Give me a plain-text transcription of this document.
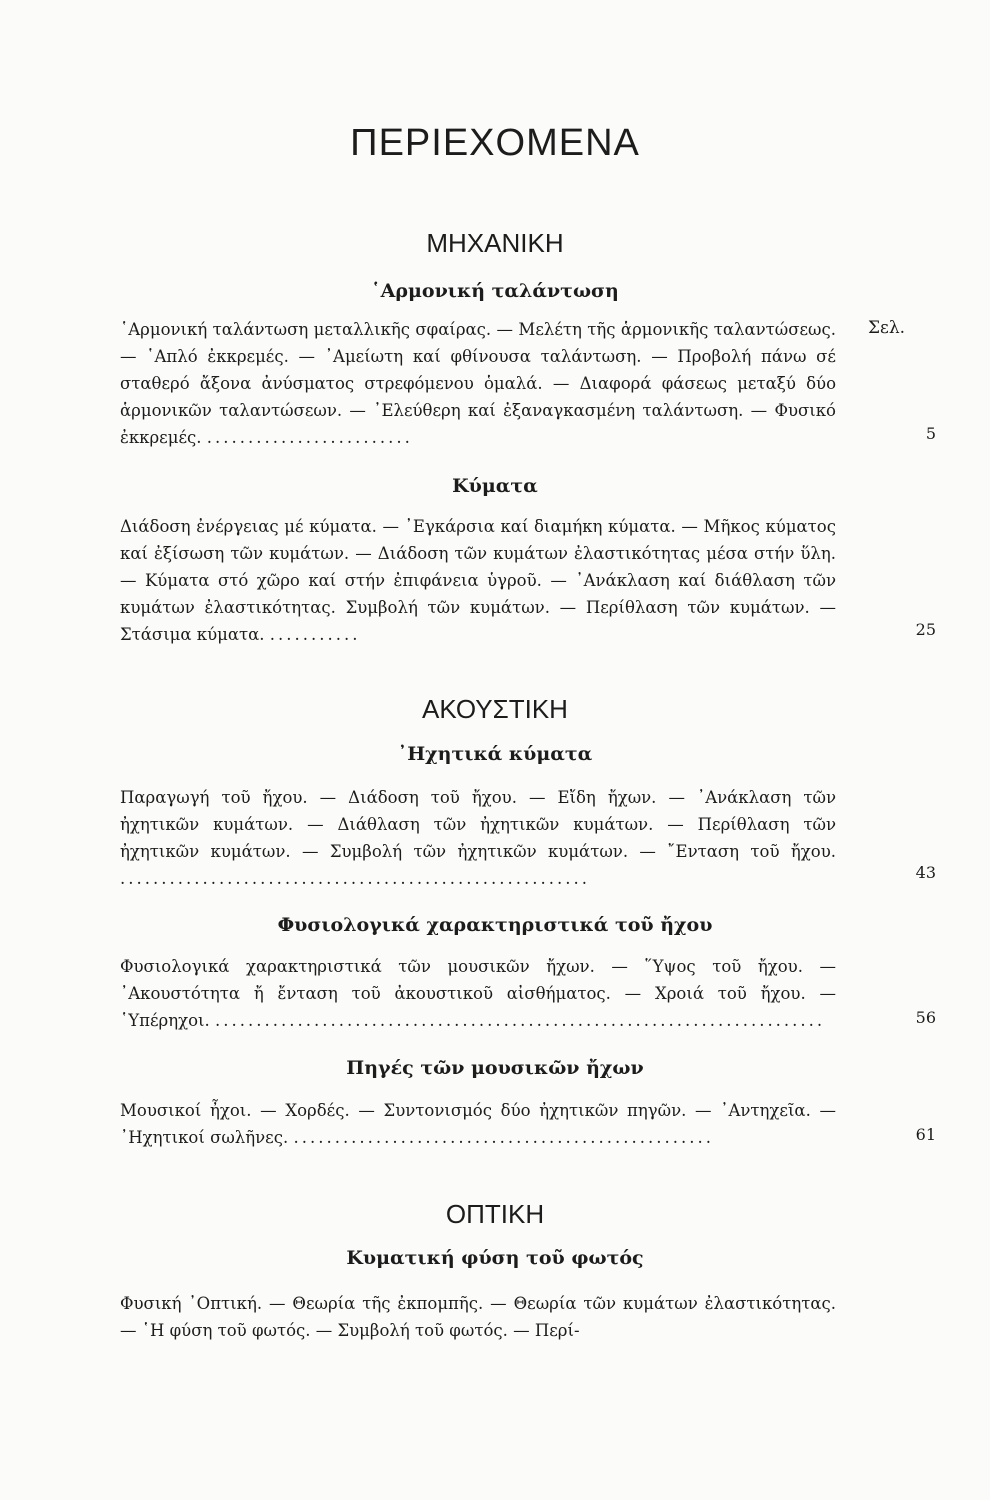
ΠΕΡΙΕΧΟΜΕΝΑ
ΜΗΧΑΝΙΚΗ
῾Αρμονική ταλάντωση
Σελ.
῾Αρμονική ταλάντωση μεταλλικῆς σφαίρας. — Μελέτη τῆς ἁρμονικῆς ταλαντώσεως. — ῾Απλό ἐκκρεμές. — ᾿Αμείωτη καί φθίνουσα ταλάντωση. — Προβολή πάνω σέ σταθερό ἄξονα ἀνύσματος στρεφόμενου ὁμαλά. — Διαφορά φάσεως μεταξύ δύο ἁρμονικῶν ταλαντώσεων. — ᾿Ελεύθερη καί ἐξαναγκασμένη ταλάντωση. — Φυσικό ἐκκρεμές. .........................	5
Κύματα
Διάδοση ἐνέργειας μέ κύματα. — ᾿Εγκάρσια καί διαμήκη κύματα. — Μῆκος κύματος καί ἐξίσωση τῶν κυμάτων. — Διάδοση τῶν κυμάτων ἐλαστικότητας μέσα στήν ὕλη. — Κύματα στό χῶρο καί στήν ἐπιφάνεια ὑγροῦ. — ᾿Ανάκλαση καί διάθλαση τῶν κυμάτων ἐλαστικότητας. Συμβολή τῶν κυμάτων. — Περίθλαση τῶν κυμάτων. — Στάσιμα κύματα. ...........	25
ΑΚΟΥΣΤΙΚΗ
᾿Ηχητικά κύματα
Παραγωγή τοῦ ἤχου. — Διάδοση τοῦ ἤχου. — Εἴδη ἤχων. — ᾿Ανάκλαση τῶν ἠχητικῶν κυμάτων. — Διάθλαση τῶν ἠχητικῶν κυμάτων. — Περίθλαση τῶν ἠχητικῶν κυμάτων. — Συμβολή τῶν ἠχητικῶν κυμάτων. — ῎Ενταση τοῦ ἤχου. .........................................................	43
Φυσιολογικά χαρακτηριστικά τοῦ ἤχου
Φυσιολογικά χαρακτηριστικά τῶν μουσικῶν ἤχων. — ῞Υψος τοῦ ἤχου. — ᾿Ακουστότητα ἤ ἔνταση τοῦ ἀκουστικοῦ αἰσθήματος. — Χροιά τοῦ ἤχου. — ῾Υπέρηχοι. ..........................................................................	56
Πηγές τῶν μουσικῶν ἤχων
Μουσικοί ἦχοι. — Χορδές. — Συντονισμός δύο ἠχητικῶν πηγῶν. — ᾿Αντηχεῖα. — ᾿Ηχητικοί σωλῆνες. ...................................................	61
ΟΠΤΙΚΗ
Κυματική φύση τοῦ φωτός
Φυσική ᾿Οπτική. — Θεωρία τῆς ἐκπομπῆς. — Θεωρία τῶν κυμάτων ἐλαστικότητας. — ῾Η φύση τοῦ φωτός. — Συμβολή τοῦ φωτός. — Περί-
